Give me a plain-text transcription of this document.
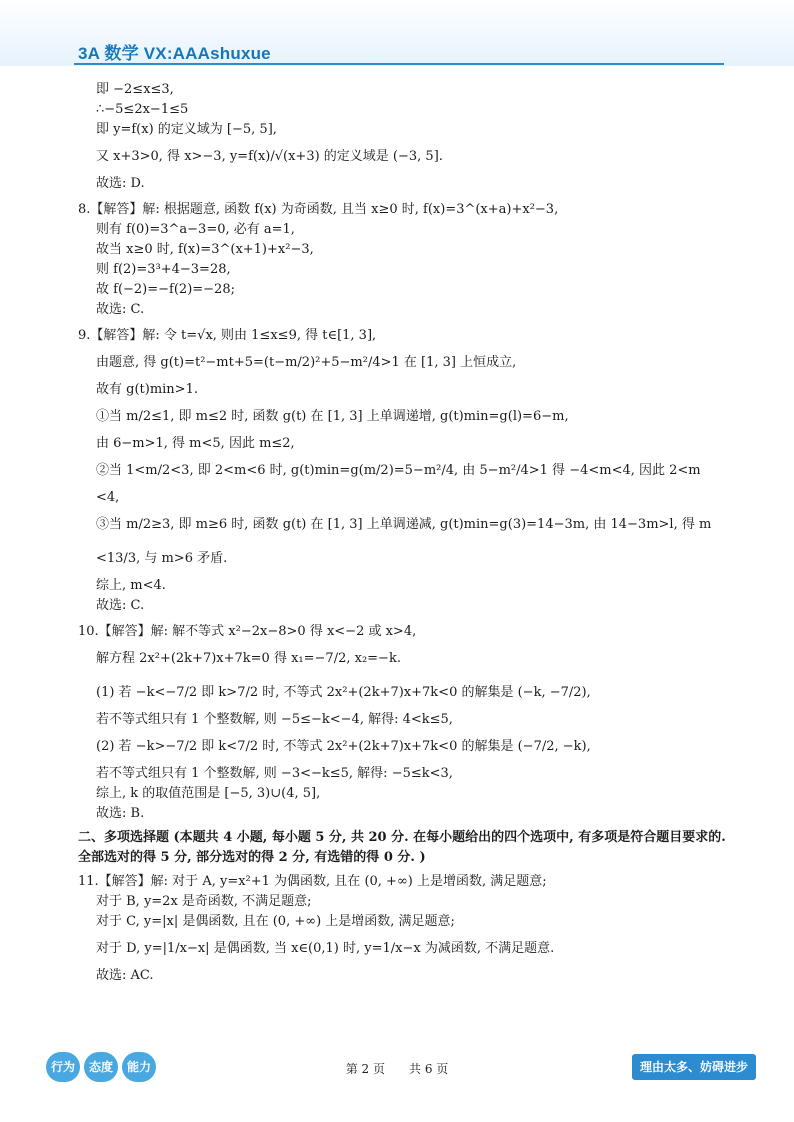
3A 数学 VX:AAAshuxue
即 −2≤x≤3,
∴−5≤2x−1≤5
即 y=f(x) 的定义域为 [−5, 5],
又 x+3>0, 得 x>−3, y=f(x)/√(x+3) 的定义域是 (−3, 5].
故选: D.
8.【解答】解: 根据题意, 函数 f(x) 为奇函数, 且当 x≥0 时, f(x)=3^(x+a)+x²−3,
则有 f(0)=3^a−3=0, 必有 a=1,
故当 x≥0 时, f(x)=3^(x+1)+x²−3,
则 f(2)=3³+4−3=28,
故 f(−2)=−f(2)=−28;
故选: C.
9.【解答】解: 令 t=√x, 则由 1≤x≤9, 得 t∈[1, 3],
由题意, 得 g(t)=t²−mt+5=(t−m/2)²+5−m²/4>1 在 [1, 3] 上恒成立,
故有 g(t)min>1.
①当 m/2≤1, 即 m≤2 时, 函数 g(t) 在 [1, 3] 上单调递增, g(t)min=g(l)=6−m,
由 6−m>1, 得 m<5, 因此 m≤2,
②当 1<m/2<3, 即 2<m<6 时, g(t)min=g(m/2)=5−m²/4, 由 5−m²/4>1 得 −4<m<4, 因此 2<m
<4,
③当 m/2≥3, 即 m≥6 时, 函数 g(t) 在 [1, 3] 上单调递减, g(t)min=g(3)=14−3m, 由 14−3m>l, 得 m
<13/3, 与 m>6 矛盾.
综上, m<4.
故选: C.
10.【解答】解: 解不等式 x²−2x−8>0 得 x<−2 或 x>4,
解方程 2x²+(2k+7)x+7k=0 得 x₁=−7/2, x₂=−k.
(1) 若 −k<−7/2 即 k>7/2 时, 不等式 2x²+(2k+7)x+7k<0 的解集是 (−k, −7/2),
若不等式组只有 1 个整数解, 则 −5≤−k<−4, 解得: 4<k≤5,
(2) 若 −k>−7/2 即 k<7/2 时, 不等式 2x²+(2k+7)x+7k<0 的解集是 (−7/2, −k),
若不等式组只有 1 个整数解, 则 −3<−k≤5, 解得: −5≤k<3,
综上, k 的取值范围是 [−5, 3)∪(4, 5],
故选: B.
二、多项选择题 (本题共 4 小题, 每小题 5 分, 共 20 分. 在每小题给出的四个选项中, 有多项是符合题目要求的. 全部选对的得 5 分, 部分选对的得 2 分, 有选错的得 0 分. )
11.【解答】解: 对于 A, y=x²+1 为偶函数, 且在 (0, +∞) 上是增函数, 满足题意;
对于 B, y=2x 是奇函数, 不满足题意;
对于 C, y=|x| 是偶函数, 且在 (0, +∞) 上是增函数, 满足题意;
对于 D, y=|1/x−x| 是偶函数, 当 x∈(0,1) 时, y=1/x−x 为减函数, 不满足题意.
故选: AC.
行为	态度	能力	第 2 页　　共 6 页	理由太多、妨碍进步
